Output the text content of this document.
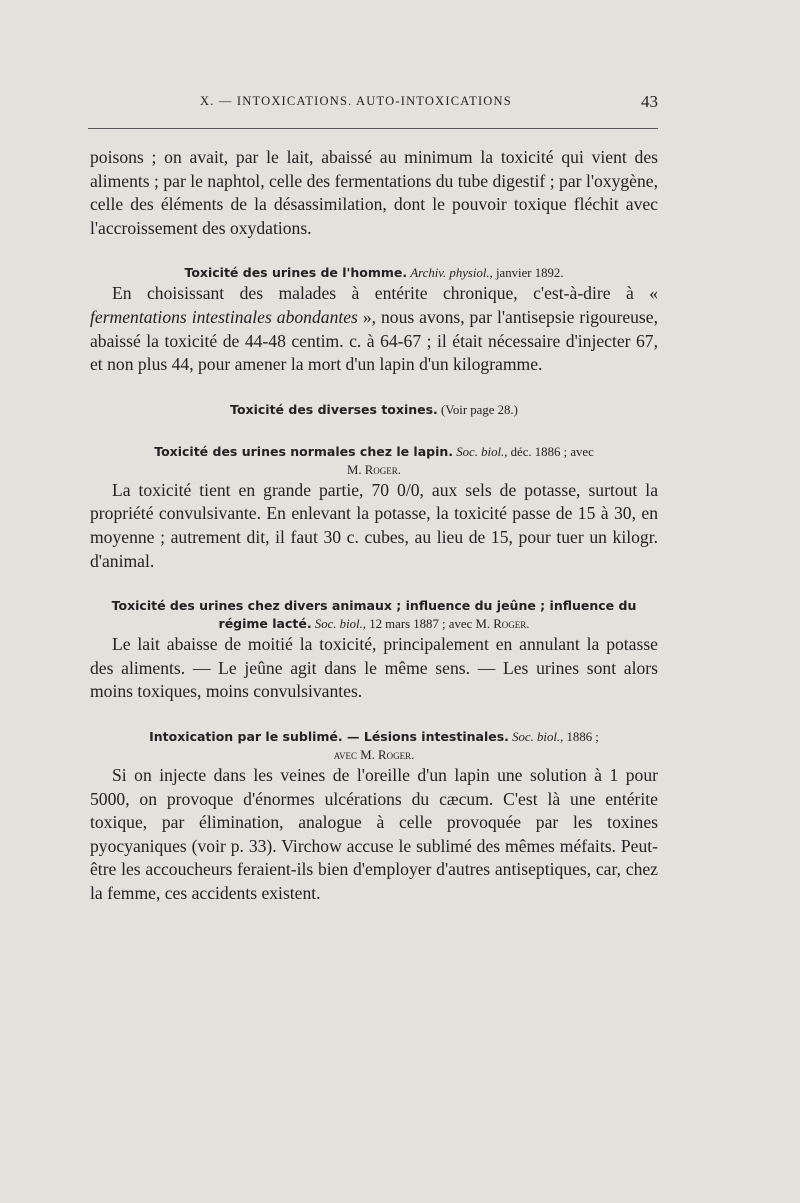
X. — INTOXICATIONS. AUTO-INTOXICATIONS	43

poisons ; on avait, par le lait, abaissé au minimum la toxicité qui vient des aliments ; par le naphtol, celle des fermentations du tube digestif ; par l'oxygène, celle des éléments de la désassimilation, dont le pouvoir toxique fléchit avec l'accroissement des oxydations.

Toxicité des urines de l'homme. Archiv. physiol., janvier 1892.

En choisissant des malades à entérite chronique, c'est-à-dire à « fermentations intestinales abondantes », nous avons, par l'antisepsie rigoureuse, abaissé la toxicité de 44-48 centim. c. à 64-67 ; il était nécessaire d'injecter 67, et non plus 44, pour amener la mort d'un lapin d'un kilogramme.

Toxicité des diverses toxines. (Voir page 28.)

Toxicité des urines normales chez le lapin. Soc. biol., déc. 1886 ; avec
M. Roger.

La toxicité tient en grande partie, 70 0/0, aux sels de potasse, surtout la propriété convulsivante. En enlevant la potasse, la toxicité passe de 15 à 30, en moyenne ; autrement dit, il faut 30 c. cubes, au lieu de 15, pour tuer un kilogr. d'animal.

Toxicité des urines chez divers animaux ; influence du jeûne ; influence du régime lacté. Soc. biol., 12 mars 1887 ; avec M. Roger.

Le lait abaisse de moitié la toxicité, principalement en annulant la potasse des aliments. — Le jeûne agit dans le même sens. — Les urines sont alors moins toxiques, moins convulsivantes.

Intoxication par le sublimé. — Lésions intestinales. Soc. biol., 1886 ;
avec M. Roger.

Si on injecte dans les veines de l'oreille d'un lapin une solution à 1 pour 5000, on provoque d'énormes ulcérations du cæcum. C'est là une entérite toxique, par élimination, analogue à celle provoquée par les toxines pyocyaniques (voir p. 33). Virchow accuse le sublimé des mêmes méfaits. Peut-être les accoucheurs feraient-ils bien d'employer d'autres antiseptiques, car, chez la femme, ces accidents existent.
